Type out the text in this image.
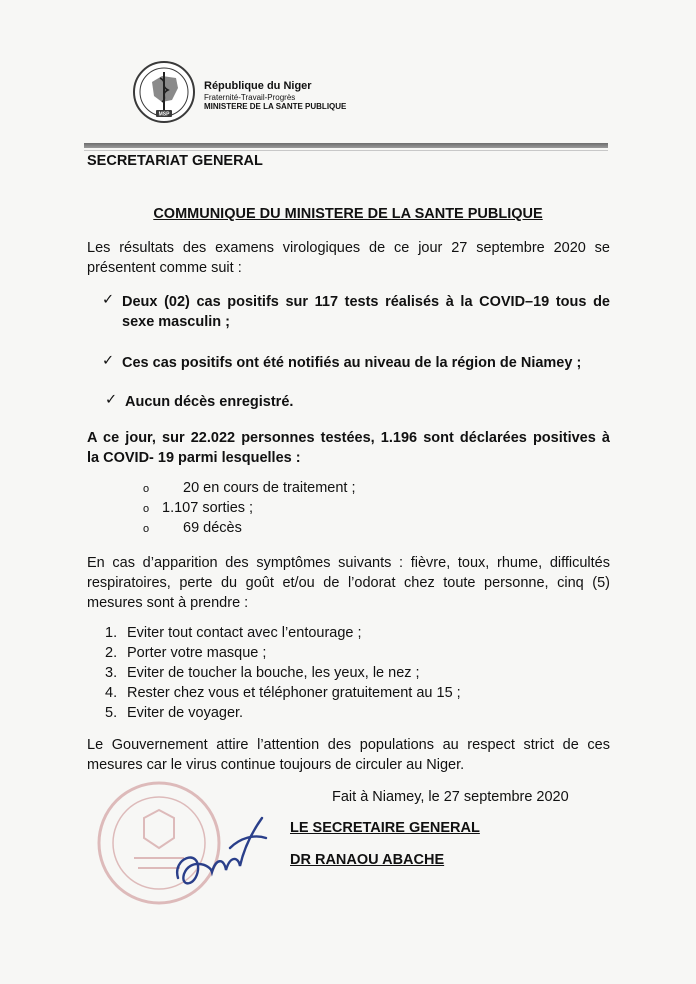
MSP
République du Niger
Fraternité-Travail-Progrès
MINISTERE DE LA SANTE PUBLIQUE
SECRETARIAT GENERAL
COMMUNIQUE DU MINISTERE DE LA SANTE PUBLIQUE
Les résultats des examens virologiques de ce jour 27 septembre 2020 se
présentent comme suit :
✓ Deux (02) cas positifs sur 117 tests réalisés à la COVID–19 tous de
sexe masculin ;
✓ Ces cas positifs ont été notifiés au niveau de la région de Niamey ;
✓ Aucun décès enregistré.
A ce jour, sur 22.022 personnes testées, 1.196 sont déclarées positives à
la COVID- 19 parmi lesquelles :
o 20 en cours de traitement ;
o 1.107 sorties ;
o 69 décès
En cas d’apparition des symptômes suivants : fièvre, toux, rhume, difficultés
respiratoires, perte du goût et/ou de l’odorat chez toute personne, cinq (5)
mesures sont à prendre :
1. Eviter tout contact avec l’entourage ;
2. Porter votre masque ;
3. Eviter de toucher la bouche, les yeux, le nez ;
4. Rester chez vous et téléphoner gratuitement au 15 ;
5. Eviter de voyager.
Le Gouvernement attire l’attention des populations au respect strict de ces
mesures car le virus continue toujours de circuler au Niger.
Fait à Niamey, le 27 septembre 2020
LE SECRETAIRE GENERAL
DR RANAOU ABACHE
